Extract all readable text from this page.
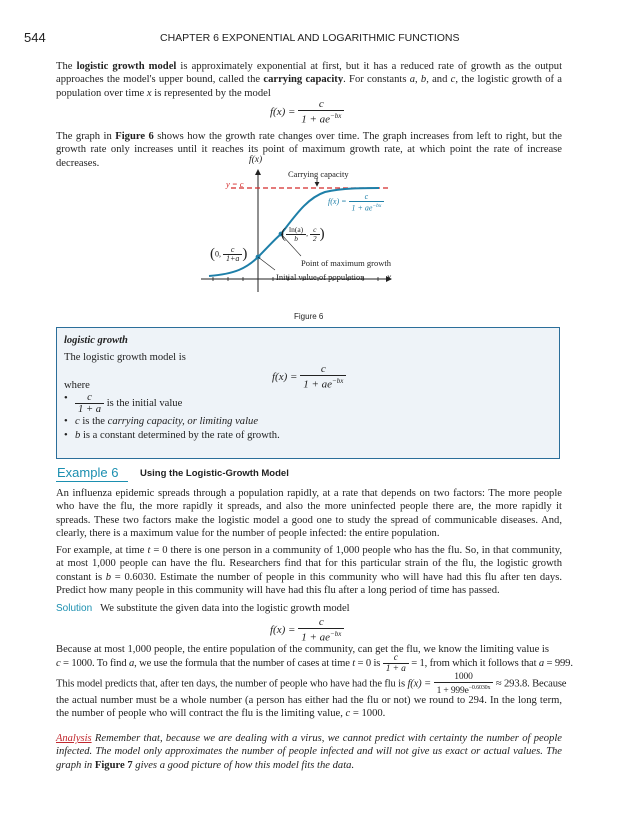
544	CHAPTER 6 EXPONENTIAL AND LOGARITHMIC FUNCTIONS

The logistic growth model is approximately exponential at first, but it has a reduced rate of growth as the output approaches the model's upper bound, called the carrying capacity. For constants a, b, and c, the logistic growth of a population over time x is represented by the model

$f(x) = \frac{c}{1 + ae^{-bx}}$

The graph in Figure 6 shows how the growth rate changes over time. The graph increases from left to right, but the growth rate only increases until it reaches its point of maximum growth rate, at which point the rate of increase decreases.	f(x)
x
y = c
Carrying capacity
$f(x) = \frac{c}{1 + ae^{-bx}}$
( $\frac{\ln(a)}{b}$ , $\frac{c}{2}$ )
Point of maximum growth
Initial value of population
(0, $\frac{c}{1+a}$ )
Figure 6
logistic growth
The logistic growth model is
$f(x) = \frac{c}{1 + ae^{-bx}}$
where
• $\frac{c}{1 + a}$ is the initial value
• c is the carrying capacity, or limiting value
• b is a constant determined by the rate of growth.
Example 6 Using the Logistic-Growth Model

An influenza epidemic spreads through a population rapidly, at a rate that depends on two factors: The more people who have the flu, the more rapidly it spreads, and also the more uninfected people there are, the more rapidly it spreads. These two factors make the logistic model a good one to study the spread of communicable diseases. And, clearly, there is a maximum value for the number of people infected: the entire population.

For example, at time t = 0 there is one person in a community of 1,000 people who has the flu. So, in that community, at most 1,000 people can have the flu. Researchers find that for this particular strain of the flu, the logistic growth constant is b = 0.6030. Estimate the number of people in this community who will have had this flu after ten days. Predict how many people in this community will have had this flu after a long period of time has passed.

Solution We substitute the given data into the logistic growth model
$f(x) = \frac{c}{1 + ae^{-bx}}$
Because at most 1,000 people, the entire population of the community, can get the flu, we know the limiting value is
c = 1000. To find a, we use the formula that the number of cases at time t = 0 is $\frac{c}{1 + a} = 1$, from which it follows that a = 999.
This model predicts that, after ten days, the number of people who have had the flu is $f(x) = \frac{1000}{1 + 999e^{-0.6030x}} \approx 293.8$. Because
the actual number must be a whole number (a person has either had the flu or not) we round to 294. In the long term, the number of people who will contract the flu is the limiting value, c = 1000.
Analysis Remember that, because we are dealing with a virus, we cannot predict with certainty the number of people infected. The model only approximates the number of people infected and will not give us exact or actual values. The graph in Figure 7 gives a good picture of how this model fits the data.
